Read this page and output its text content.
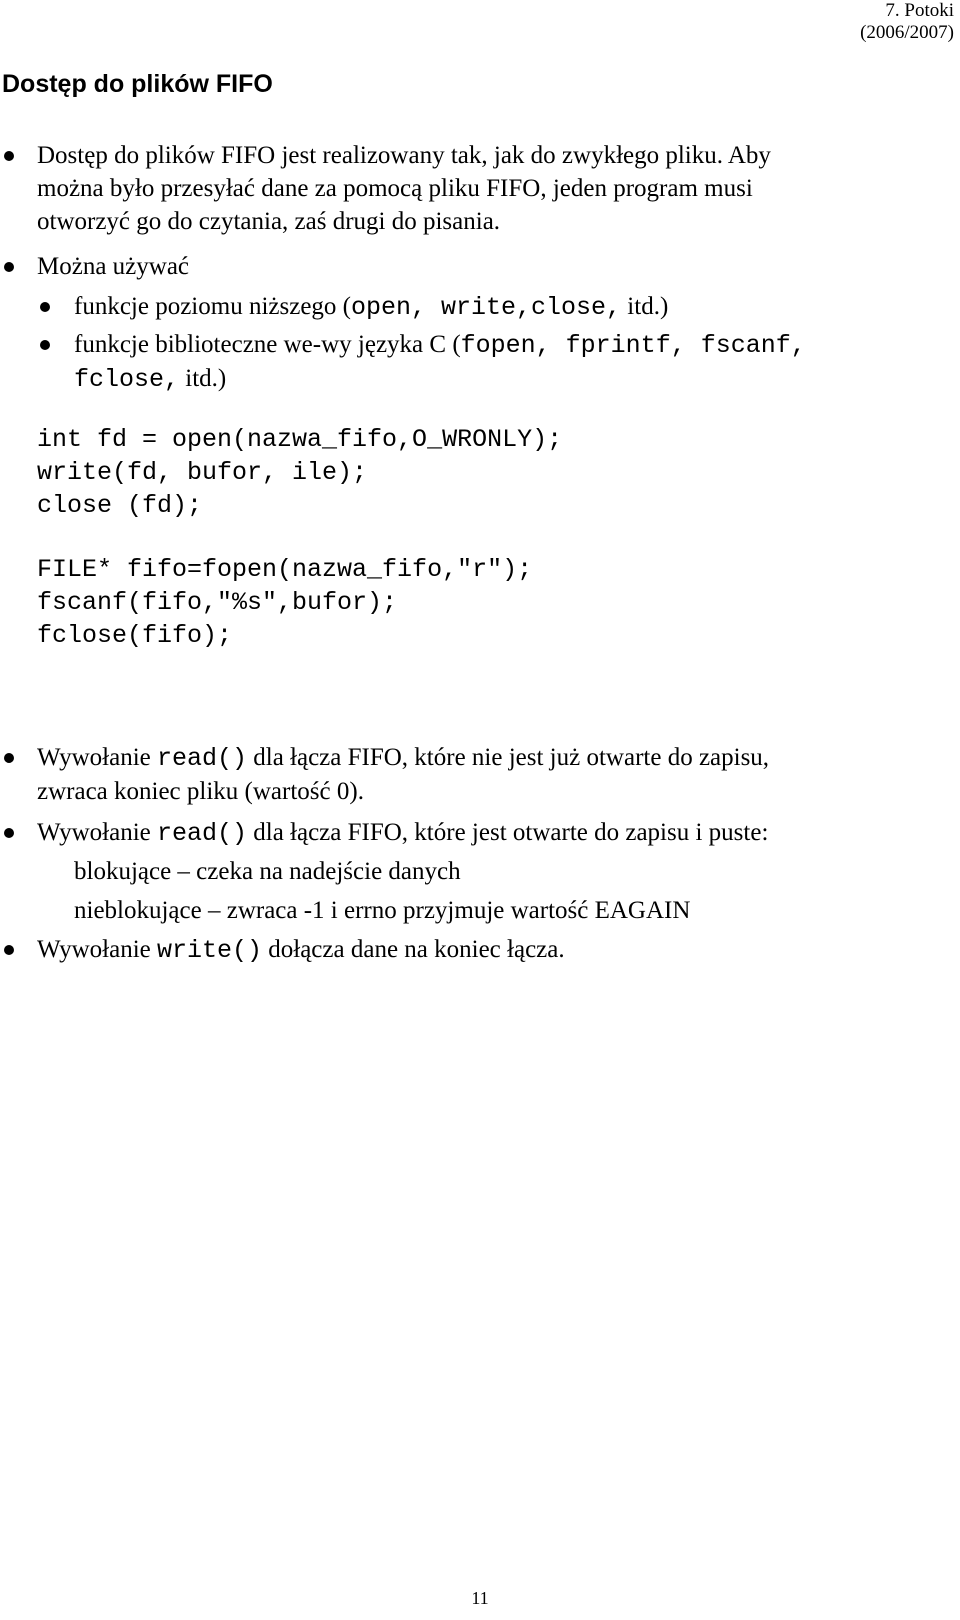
7. Potoki
(2006/2007)
Dostęp do plików FIFO
Dostęp do plików FIFO jest realizowany tak, jak do zwykłego pliku. Aby
można było przesyłać dane za pomocą pliku FIFO, jeden program musi
otworzyć go do czytania, zaś drugi do pisania.
Można używać
funkcje poziomu niższego (open, write,close, itd.)
funkcje biblioteczne we-wy języka C (fopen, fprintf, fscanf,
fclose, itd.)
int fd = open(nazwa_fifo,O_WRONLY);
write(fd, bufor, ile);
close (fd);
FILE* fifo=fopen(nazwa_fifo,"r");
fscanf(fifo,"%s",bufor);
fclose(fifo);
Wywołanie read() dla łącza FIFO, które nie jest już otwarte do zapisu,
zwraca koniec pliku (wartość 0).
Wywołanie read() dla łącza FIFO, które jest otwarte do zapisu i puste:
blokujące – czeka na nadejście danych
nieblokujące – zwraca -1 i errno przyjmuje wartość EAGAIN
Wywołanie write() dołącza dane na koniec łącza.
11
